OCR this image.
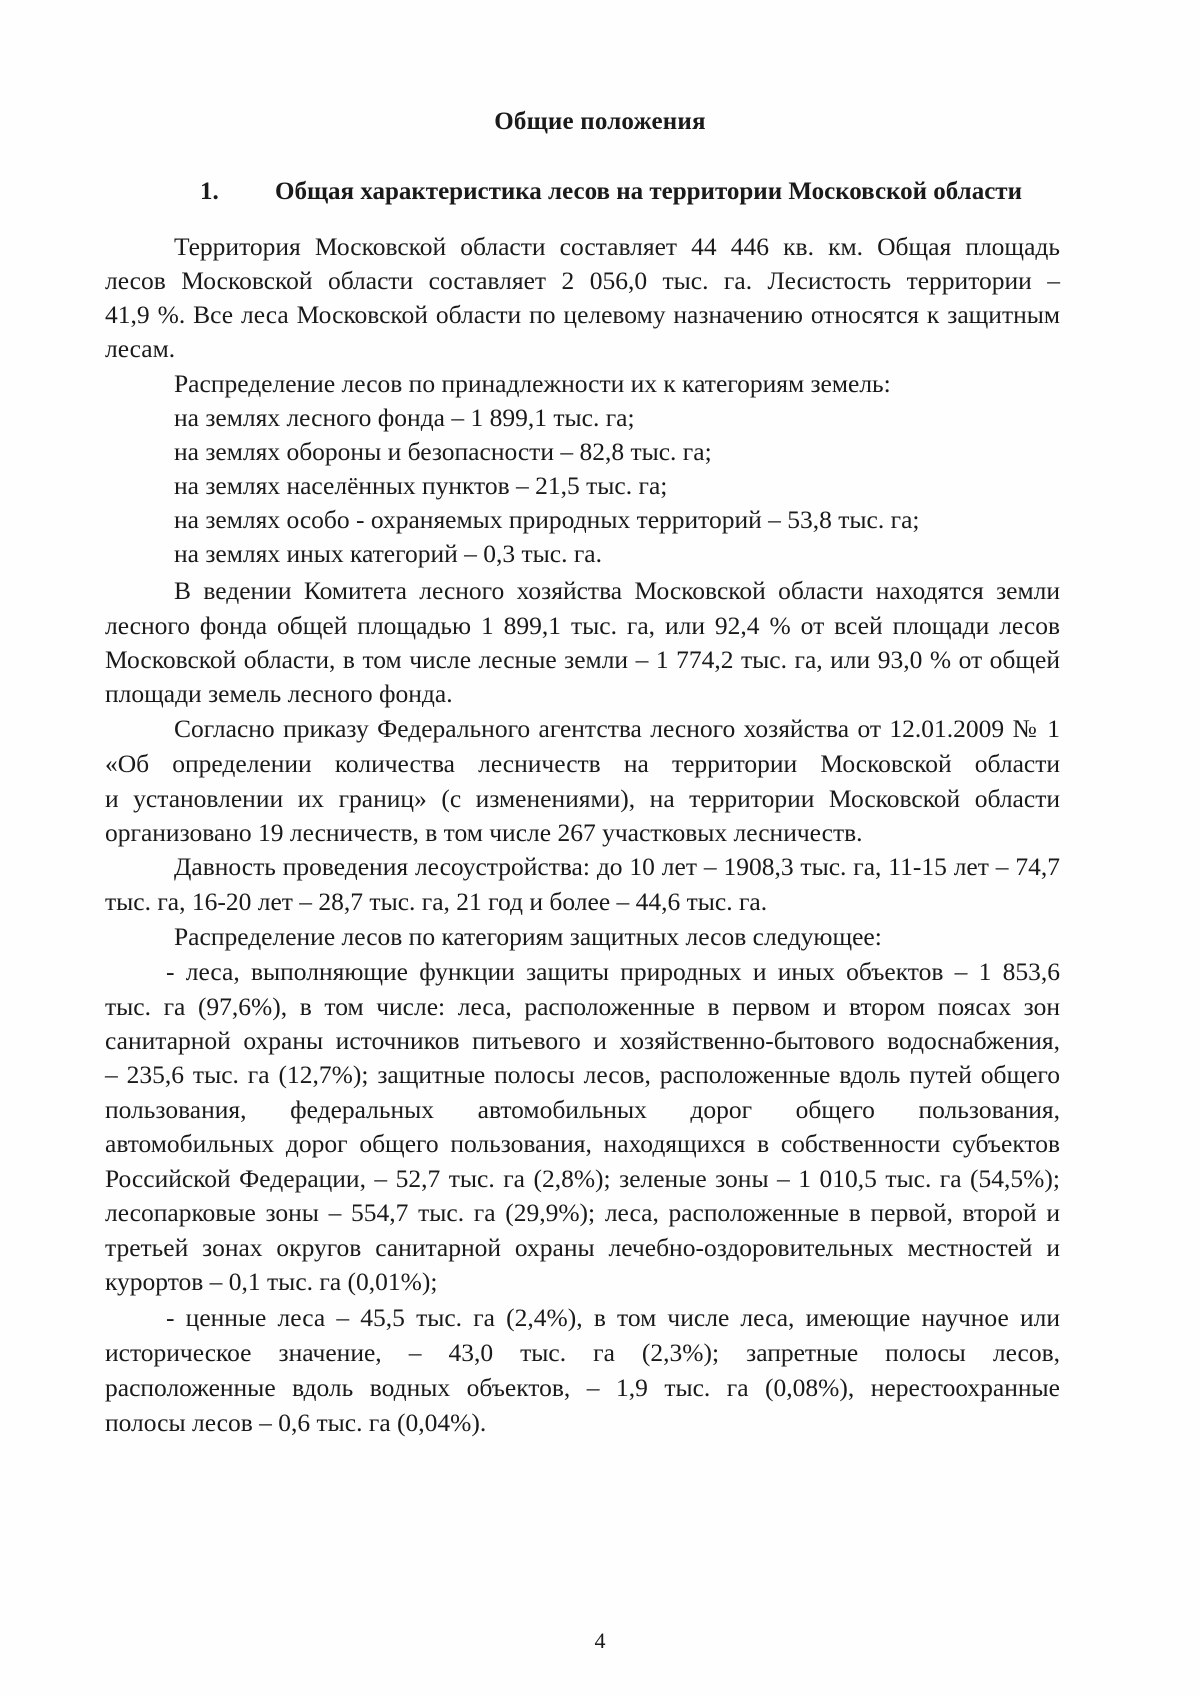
Общие положения
1. Общая характеристика лесов на территории Московской области
Территория Московской области составляет 44 446 кв. км. Общая площадь
лесов Московской области составляет 2 056,0 тыс. га. Лесистость территории –
41,9 %. Все леса Московской области по целевому назначению относятся к защитным
лесам.
Распределение лесов по принадлежности их к категориям земель:
на землях лесного фонда – 1 899,1 тыс. га;
на землях обороны и безопасности – 82,8 тыс. га;
на землях населённых пунктов – 21,5 тыс. га;
на землях особо - охраняемых природных территорий – 53,8 тыс. га;
на землях иных категорий – 0,3 тыс. га.
В ведении Комитета лесного хозяйства Московской области находятся земли
лесного фонда общей площадью 1 899,1 тыс. га, или 92,4 % от всей площади лесов
Московской области, в том числе лесные земли – 1 774,2 тыс. га, или 93,0 % от общей
площади земель лесного фонда.
Согласно приказу Федерального агентства лесного хозяйства от 12.01.2009 № 1
«Об определении количества лесничеств на территории Московской области
и установлении их границ» (с изменениями), на территории Московской области
организовано 19 лесничеств, в том числе 267 участковых лесничеств.
Давность проведения лесоустройства: до 10 лет – 1908,3 тыс. га, 11-15 лет – 74,7
тыс. га, 16-20 лет – 28,7 тыс. га, 21 год и более – 44,6 тыс. га.
Распределение лесов по категориям защитных лесов следующее:
- леса, выполняющие функции защиты природных и иных объектов – 1 853,6
тыс. га (97,6%), в том числе: леса, расположенные в первом и втором поясах зон
санитарной охраны источников питьевого и хозяйственно-бытового водоснабжения,
– 235,6 тыс. га (12,7%); защитные полосы лесов, расположенные вдоль путей общего
пользования, федеральных автомобильных дорог общего пользования,
автомобильных дорог общего пользования, находящихся в собственности субъектов
Российской Федерации, – 52,7 тыс. га (2,8%); зеленые зоны – 1 010,5 тыс. га (54,5%);
лесопарковые зоны – 554,7 тыс. га (29,9%); леса, расположенные в первой, второй и
третьей зонах округов санитарной охраны лечебно-оздоровительных местностей и
курортов – 0,1 тыс. га (0,01%);
- ценные леса – 45,5 тыс. га (2,4%), в том числе леса, имеющие научное или
историческое значение, – 43,0 тыс. га (2,3%); запретные полосы лесов,
расположенные вдоль водных объектов, – 1,9 тыс. га (0,08%), нерестоохранные
полосы лесов – 0,6 тыс. га (0,04%).
4
